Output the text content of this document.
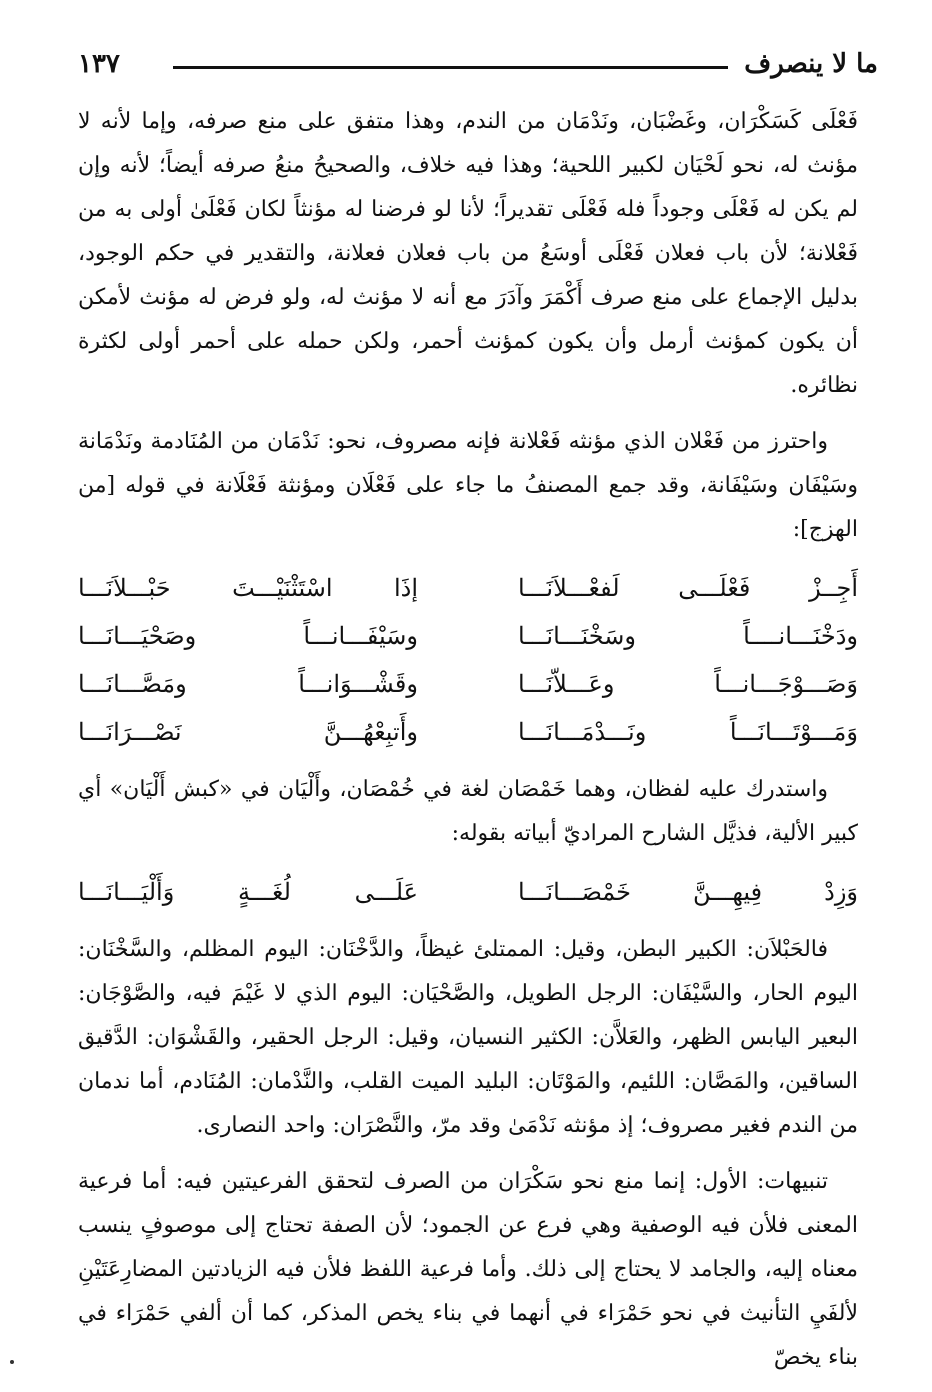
ما لا ينصرف
١٣٧

فَعْلَى كَسَكْرَان، وغَضْبَان، ونَدْمَان من الندم، وهذا متفق على منع صرفه، وإما لأنه لا مؤنث له، نحو لَحْيَان لكبير اللحية؛ وهذا فيه خلاف، والصحيحُ منعُ صرفه أيضاً؛ لأنه وإن لم يكن له فَعْلَى وجوداً فله فَعْلَى تقديراً؛ لأنا لو فرضنا له مؤنثاً لكان فَعْلَىٰ أولى به من فَعْلانة؛ لأن باب فعلان فَعْلَى أوسَعُ من باب فعلان فعلانة، والتقدير في حكم الوجود، بدليل الإجماع على منع صرف أَكْمَرَ وآدَرَ مع أنه لا مؤنث له، ولو فرض له مؤنث لأمكن أن يكون كمؤنث أرمل وأن يكون كمؤنث أحمر، ولكن حمله على أحمر أولى لكثرة نظائره.

واحترز من فَعْلان الذي مؤنثه فَعْلانة فإنه مصروف، نحو: نَدْمَان من المُنَادمة ونَدْمَانة وسَيْفَان وسَيْفَانة، وقد جمع المصنفُ ما جاء على فَعْلَان ومؤنثة فَعْلَانة في قوله [من الهزج]:

أَجِــزْ فَعْلَـــى لَفعْـــلاَنَـــا
إذَا اسْتَثْنَيْـــتَ حَبْـــلاَنَـــا
ودَخْنَـــانــــاً وسَخْنَـــانَـــا
وسَيْفَـــانـــاً وصَحْيَـــانَـــا
وَصَـــوْجَـــانـــاً وعَـــلاّنَـــا
وقَشْـــوَانـــاً ومَصَّـــانَـــا
وَمَـــوْتَـــانَـــاً ونَـــدْمَـــانَـــا
وأَتبِعْهُـــنَّ نَصْـــرَانَـــا

واستدرك عليه لفظان، وهما خَمْصَان لغة في خُمْصَان، وأَلْيَان في «كبش أَلْيَان» أي كبير الألية، فذيَّل الشارح المراديّ أبياته بقوله:

وَزِدْ فِيهِـــنَّ خَمْصَـــانَـــا
عَلَـــى لُغَـــةٍ وَأَلْيَـــانَـــا

فالحَبْلاَن: الكبير البطن، وقيل: الممتلئ غيظاً، والدَّخْنَان: اليوم المظلم، والسَّخْنَان: اليوم الحار، والسَّيْفَان: الرجل الطويل، والصَّحْيَان: اليوم الذي لا غَيْمَ فيه، والصَّوْجَان: البعير اليابس الظهر، والعَلاَّن: الكثير النسيان، وقيل: الرجل الحقير، والقَشْوَان: الدَّقيق الساقين، والمَصَّان: اللئيم، والمَوْتَان: البليد الميت القلب، والنَّدْمان: المُنَادم، أما ندمان من الندم فغير مصروف؛ إذ مؤنثه نَدْمَىٰ وقد مرّ، والنَّصْرَان: واحد النصارى.

تنبيهات: الأول: إنما منع نحو سَكْرَان من الصرف لتحقق الفرعيتين فيه: أما فرعية المعنى فلأن فيه الوصفية وهي فرع عن الجمود؛ لأن الصفة تحتاج إلى موصوفٍ ينسب معناه إليه، والجامد لا يحتاج إلى ذلك. وأما فرعية اللفظ فلأن فيه الزيادتين المضارِعَتَيْنِ لألفَيِ التأنيث في نحو حَمْرَاء في أنهما في بناء يخص المذكر، كما أن ألفي حَمْرَاء في بناء يخصّ
